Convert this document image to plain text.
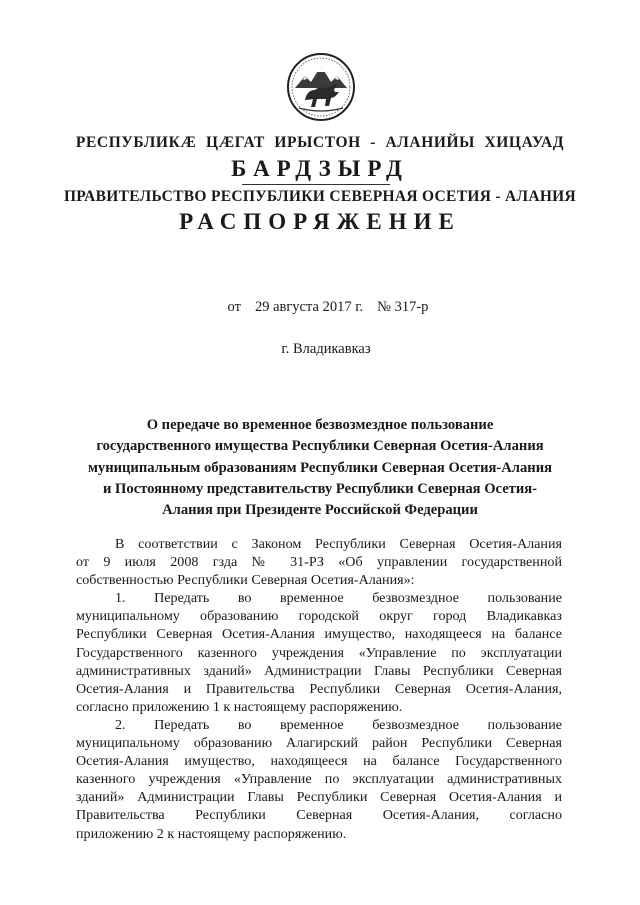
РЕСПУБЛИКÆ ЦÆГАТ ИРЫСТОН - АЛАНИЙЫ ХИЦАУАД
БАРДЗЫРД
ПРАВИТЕЛЬСТВО РЕСПУБЛИКИ СЕВЕРНАЯ ОСЕТИЯ - АЛАНИЯ
РАСПОРЯЖЕНИЕ
от 29 августа 2017 г. № 317-р
г. Владикавказ
О передаче во временное безвозмездное пользование
государственного имущества Республики Северная Осетия-Алания
муниципальным образованиям Республики Северная Осетия-Алания
и Постоянному представительству Республики Северная Осетия-
Алания при Президенте Российской Федерации
В соответствии с Законом Республики Северная Осетия-Алания
от 9 июля 2008 гзда № 31-РЗ «Об управлении государственной
собственностью Республики Северная Осетия-Алания»:
1. Передать во временное безвозмездное пользование
муниципальному образованию городской округ город Владикавказ
Республики Северная Осетия-Алания имущество, находящееся на балансе
Государственного казенного учреждения «Управление по эксплуатации
административных зданий» Администрации Главы Республики Северная
Осетия-Алания и Правительства Республики Северная Осетия-Алания,
согласно приложению 1 к настоящему распоряжению.
2. Передать во временное безвозмездное пользование
муниципальному образованию Алагирский район Республики Северная
Осетия-Алания имущество, находящееся на балансе Государственного
казенного учреждения «Управление по эксплуатации административных
зданий» Администрации Главы Республики Северная Осетия-Алания и
Правительства Республики Северная Осетия-Алания, согласно
приложению 2 к настоящему распоряжению.
